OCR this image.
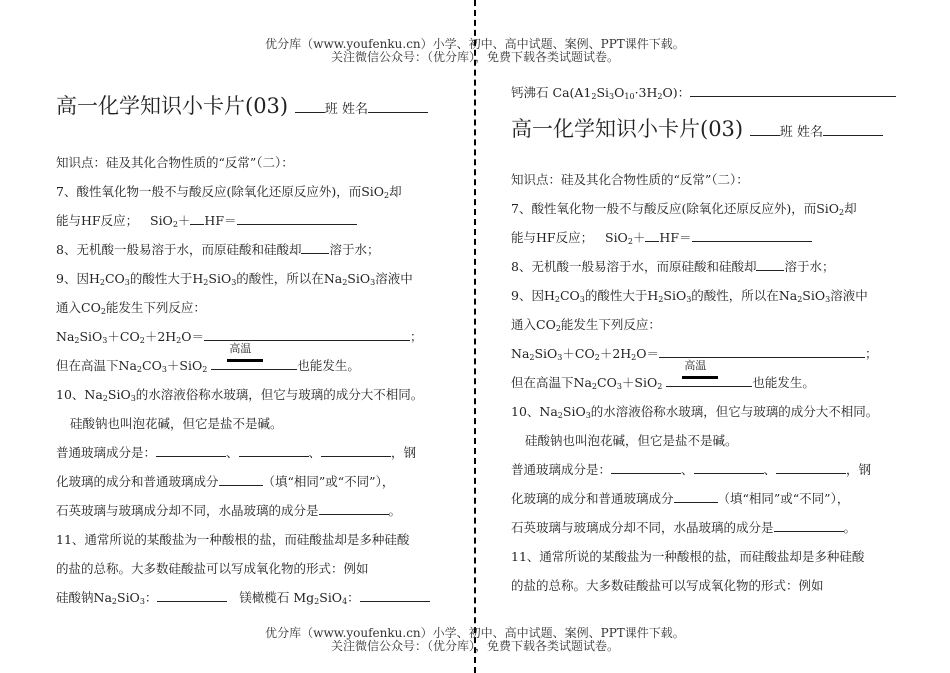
优分库（www.youfenku.cn）小学、初中、高中试题、案例、PPT课件下载。
关注微信公众号：（优分库），免费下载各类试题试卷。
高一化学知识小卡片(03)	班 姓名
知识点：硅及其化合物性质的“反常”（二）：
7、酸性氧化物一般不与酸反应(除氧化还原反应外)，而SiO$_2$却
能与HF反应； SiO$_2$＋ HF＝
8、无机酸一般易溶于水，而原硅酸和硅酸却 溶于水；
9、因$H_2CO_3$的酸性大于$H_2SiO_3$的酸性，所以在$Na_2SiO_3$溶液中
通入$CO_2$能发生下列反应：
$Na_2SiO_3+CO_2+2H_2O=$	；
但在高温下$Na_2CO_3+SiO_2$
高温
也能发生。
10、$Na_2SiO_3$的水溶液俗称水玻璃，但它与玻璃的成分大不相同。
硅酸钠也叫泡花碱，但它是盐不是碱。
普通玻璃成分是：	、	、	，钢
化玻璃的成分和普通玻璃成分	（填“相同”或“不同”），
石英玻璃与玻璃成分却不同，水晶玻璃的成分是	。
11、通常所说的某酸盐为一种酸根的盐，而硅酸盐却是多种硅酸
的盐的总称。大多数硅酸盐可以写成氧化物的形式：例如
硅酸钠$Na_2SiO_3$：	镁橄榄石 $Mg_2SiO_4$：
钙沸石 $Ca(A1_2Si_3O_{10}\cdot 3H_2O)$：
高一化学知识小卡片(03)	班 姓名
知识点：硅及其化合物性质的“反常”（二）：
7、酸性氧化物一般不与酸反应(除氧化还原反应外)，而SiO$_2$却
能与HF反应； SiO$_2$＋ HF＝
8、无机酸一般易溶于水，而原硅酸和硅酸却 溶于水；
9、因$H_2CO_3$的酸性大于$H_2SiO_3$的酸性，所以在$Na_2SiO_3$溶液中
通入$CO_2$能发生下列反应：
$Na_2SiO_3+CO_2+2H_2O=$	；
但在高温下$Na_2CO_3+SiO_2$
高温
也能发生。
10、$Na_2SiO_3$的水溶液俗称水玻璃，但它与玻璃的成分大不相同。
硅酸钠也叫泡花碱，但它是盐不是碱。
普通玻璃成分是：	、	、	，钢
化玻璃的成分和普通玻璃成分	（填“相同”或“不同”），
石英玻璃与玻璃成分却不同，水晶玻璃的成分是	。
11、通常所说的某酸盐为一种酸根的盐，而硅酸盐却是多种硅酸
的盐的总称。大多数硅酸盐可以写成氧化物的形式：例如
优分库（www.youfenku.cn）小学、初中、高中试题、案例、PPT课件下载。
关注微信公众号：（优分库），免费下载各类试题试卷。
